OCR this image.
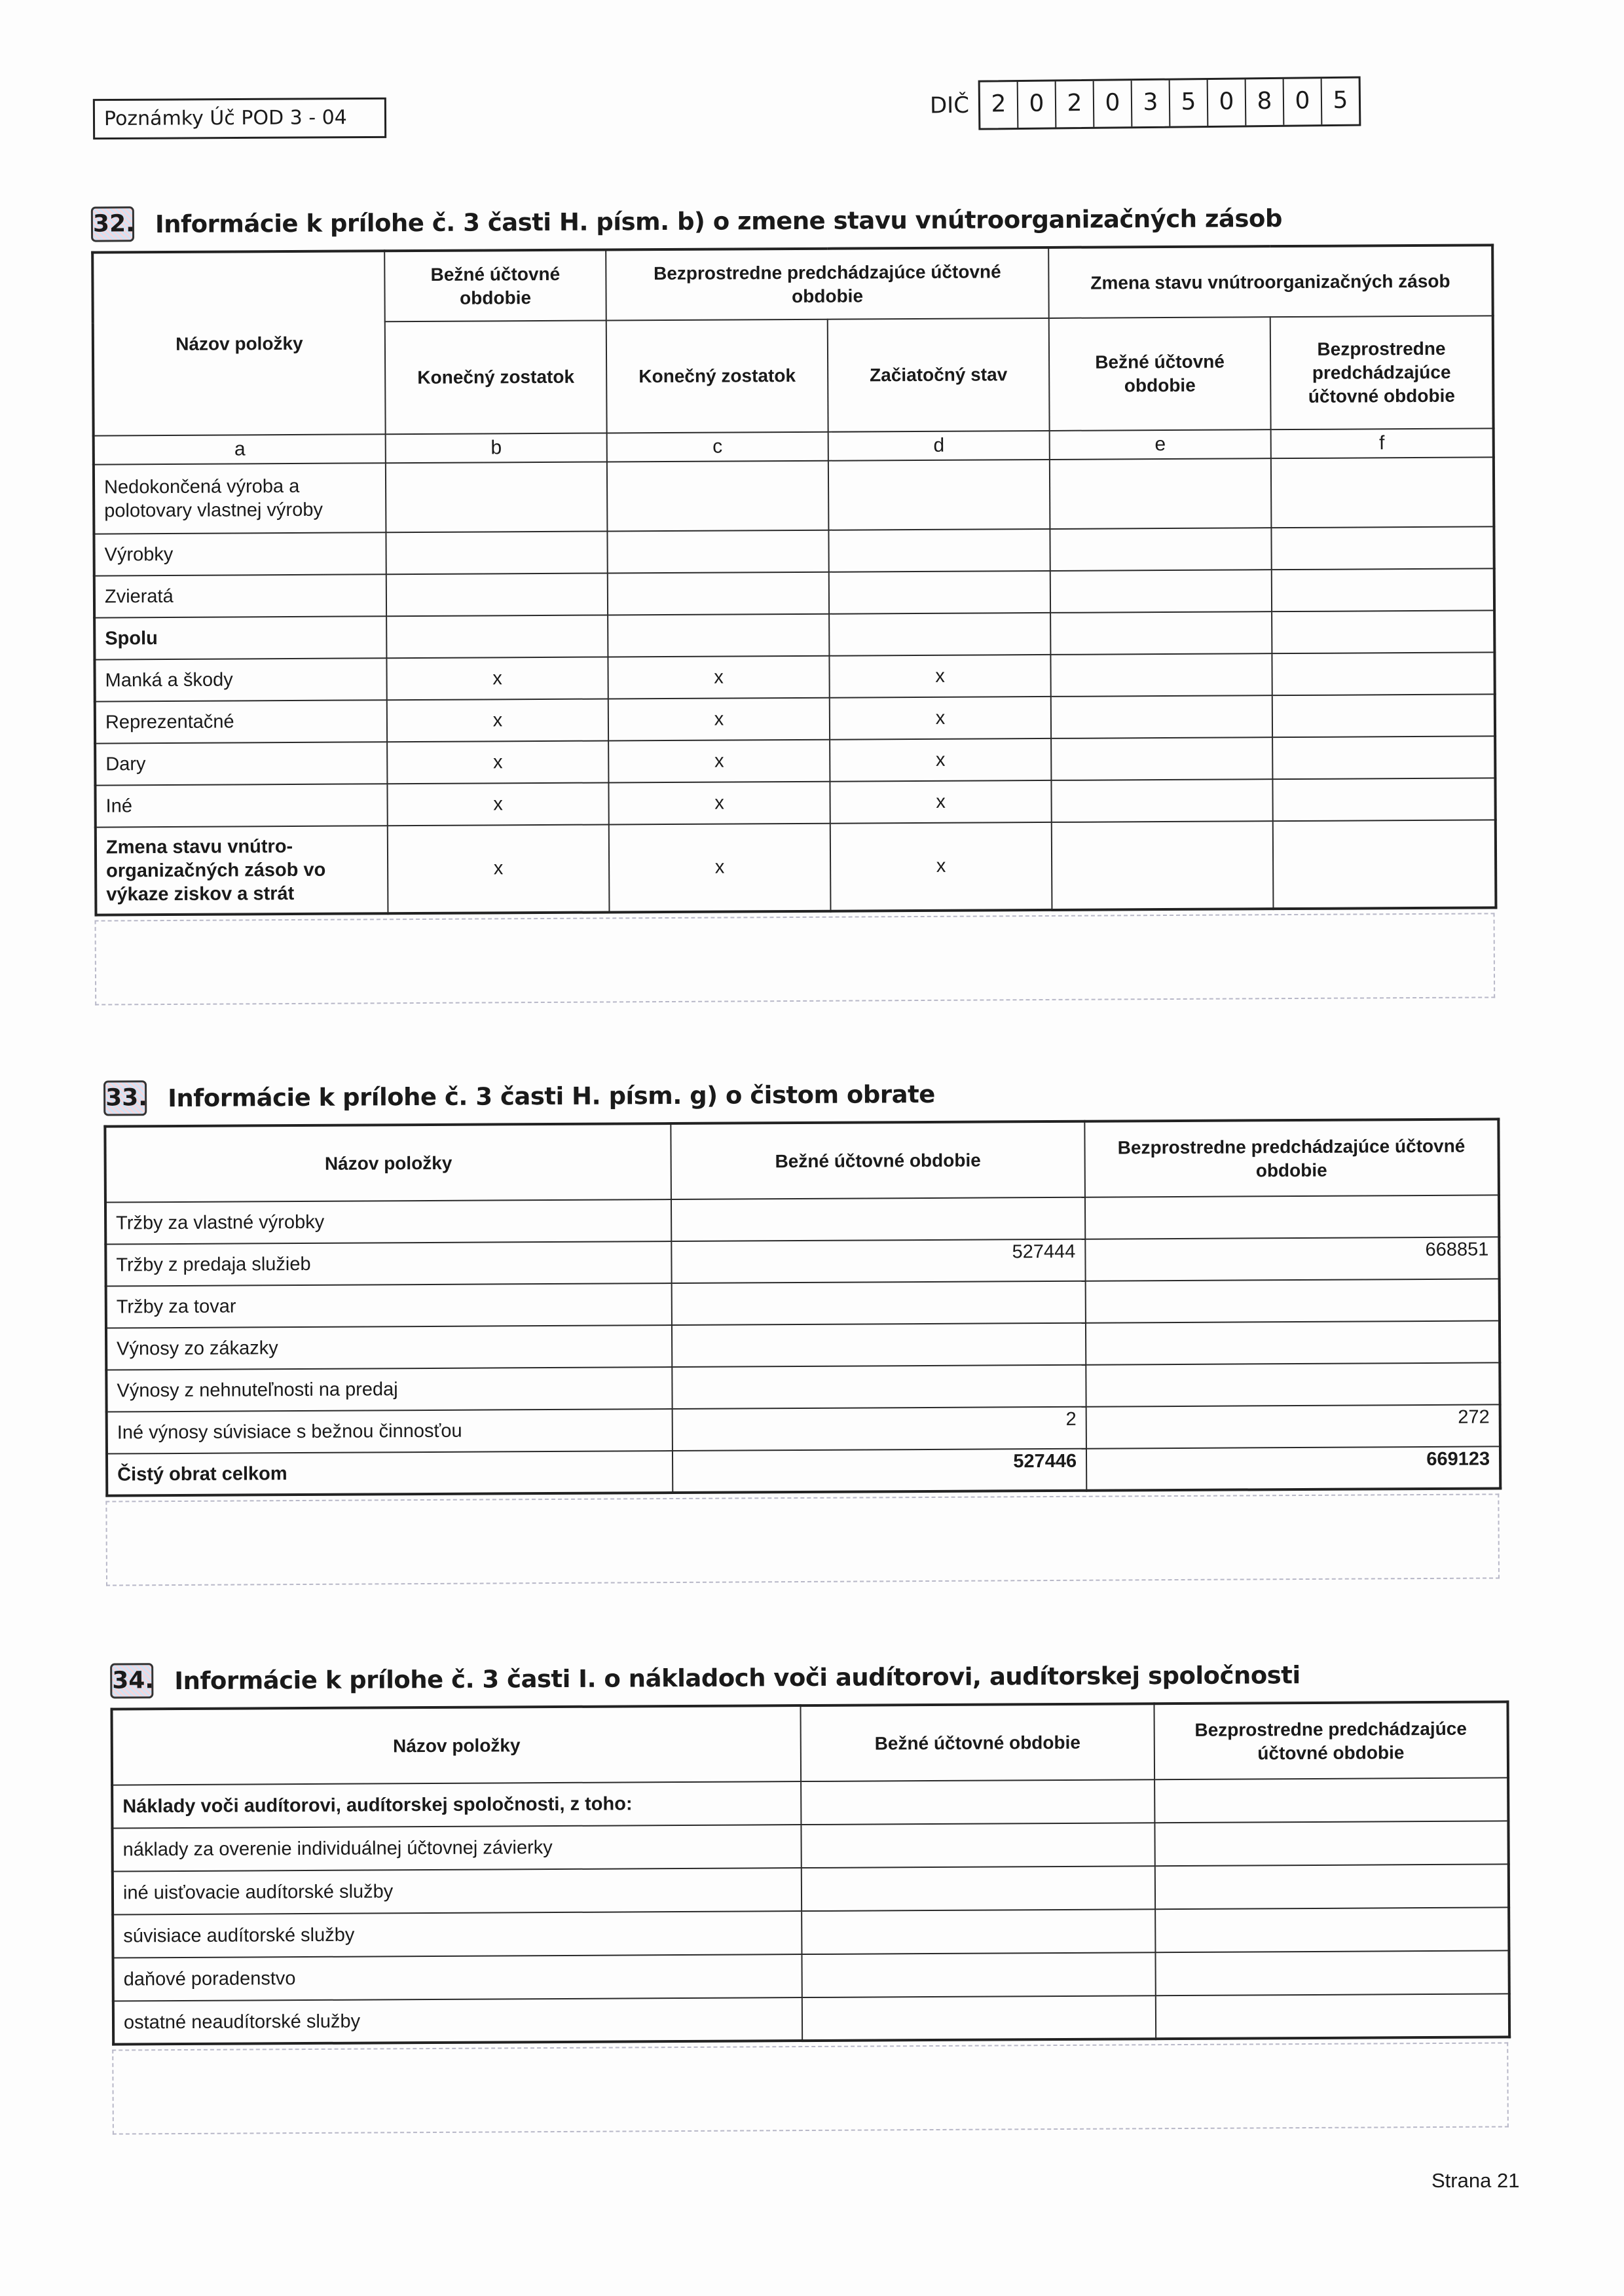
Poznámky Úč POD 3 - 04	DIČ 2 0 2 0 3 5 0 8 0 5
32. Informácie k prílohe č. 3 časti H. písm. b) o zmene stavu vnútroorganizačných zásob
Názov položky	Bežné účtovné obdobie	Bezprostredne predchádzajúce účtovné obdobie		Zmena stavu vnútroorganizačných zásob	
	Konečný zostatok	Konečný zostatok	Začiatočný stav	Bežné účtovné obdobie	Bezprostredne predchádzajúce účtovné obdobie
a	b	c	d	e	f
Nedokončená výroba a polotovary vlastnej výroby					
Výrobky					
Zvieratá					
Spolu					
Manká a škody	x	x	x		
Reprezentačné	x	x	x		
Dary	x	x	x		
Iné	x	x	x		
Zmena stavu vnútro-organizačných zásob vo výkaze ziskov a strát	x	x	x		
33. Informácie k prílohe č. 3 časti H. písm. g) o čistom obrate
Názov položky	Bežné účtovné obdobie	Bezprostredne predchádzajúce účtovné obdobie
Tržby za vlastné výrobky		
Tržby z predaja služieb	527444	668851
Tržby za tovar		
Výnosy zo zákazky		
Výnosy z nehnuteľnosti na predaj		
Iné výnosy súvisiace s bežnou činnosťou	2	272
Čistý obrat celkom	527446	669123
34. Informácie k prílohe č. 3 časti I. o nákladoch voči audítorovi, audítorskej spoločnosti
Názov položky	Bežné účtovné obdobie	Bezprostredne predchádzajúce účtovné obdobie
Náklady voči audítorovi, audítorskej spoločnosti, z toho:		
náklady za overenie individuálnej účtovnej závierky		
iné uisťovacie audítorské služby		
súvisiace audítorské služby		
daňové poradenstvo		
ostatné neaudítorské služby		
Strana 21
